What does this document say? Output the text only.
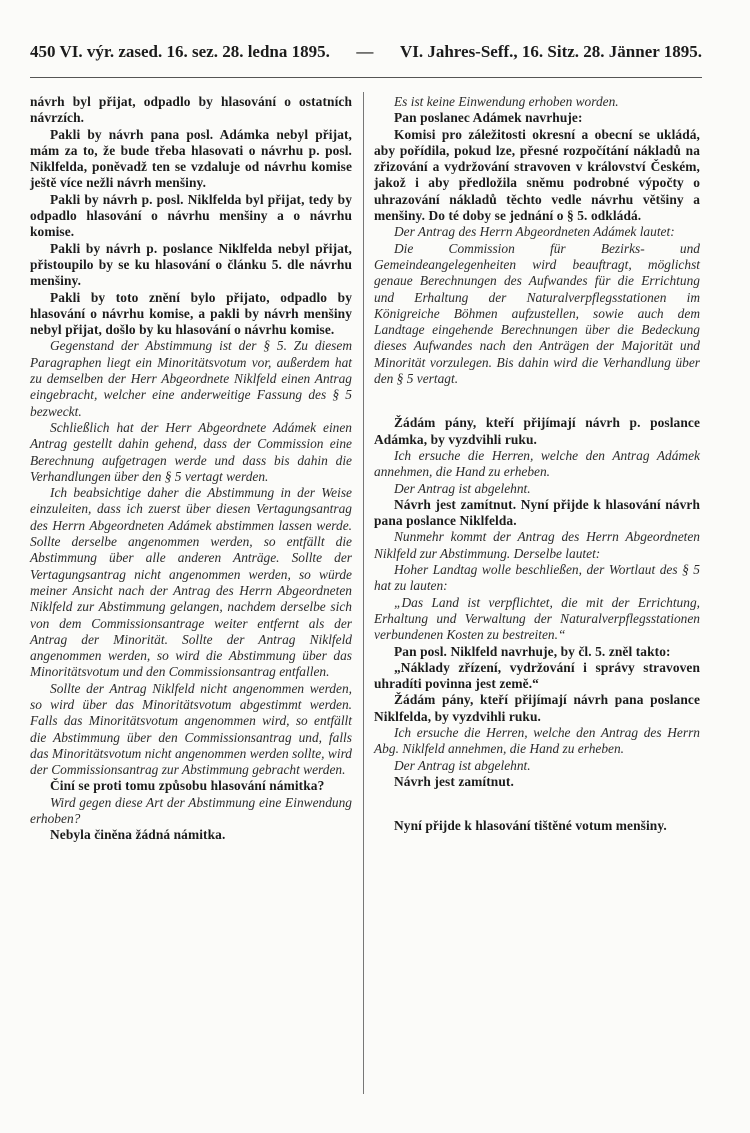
450 VI. výr. zased. 16. sez. 28. ledna 1895. — VI. Jahres-Seff., 16. Sitz. 28. Jänner 1895.

návrh byl přijat, odpadlo by hlasování o ostatních návrzích.

Pakli by návrh pana posl. Adámka nebyl přijat, mám za to, že bude třeba hlasovati o návrhu p. posl. Niklfelda, poněvadž ten se vzdaluje od návrhu komise ještě více nežli návrh menšiny.

Pakli by návrh p. posl. Niklfelda byl přijat, tedy by odpadlo hlasování o návrhu menšiny a o návrhu komise.

Pakli by návrh p. poslance Niklfelda nebyl přijat, přistoupilo by se ku hlasování o článku 5. dle návrhu menšiny.

Pakli by toto znění bylo přijato, odpadlo by hlasování o návrhu komise, a pakli by návrh menšiny nebyl přijat, došlo by ku hlasování o návrhu komise.

Gegenstand der Abstimmung ist der § 5. Zu diesem Paragraphen liegt ein Minoritätsvotum vor, außerdem hat zu demselben der Herr Abgeordnete Niklfeld einen Antrag eingebracht, welcher eine anderweitige Fassung des § 5 bezweckt.

Schließlich hat der Herr Abgeordnete Adámek einen Antrag gestellt dahin gehend, dass der Commission eine Berechnung aufgetragen werde und dass bis dahin die Verhandlungen über den § 5 vertagt werden.

Ich beabsichtige daher die Abstimmung in der Weise einzuleiten, dass ich zuerst über diesen Vertagungsantrag des Herrn Abgeordneten Adámek abstimmen lassen werde. Sollte derselbe angenommen werden, so entfällt die Abstimmung über alle anderen Anträge. Sollte der Vertagungsantrag nicht angenommen werden, so würde meiner Ansicht nach der Antrag des Herrn Abgeordneten Niklfeld zur Abstimmung gelangen, nachdem derselbe sich von dem Commissionsantrage weiter entfernt als der Antrag der Minorität. Sollte der Antrag Niklfeld angenommen werden, so wird die Abstimmung über das Minoritätsvotum und den Commissionsantrag entfallen.

Sollte der Antrag Niklfeld nicht angenommen werden, so wird über das Minoritätsvotum abgestimmt werden. Falls das Minoritätsvotum angenommen wird, so entfällt die Abstimmung über den Commissionsantrag und, falls das Minoritätsvotum nicht angenommen werden sollte, wird der Commissionsantrag zur Abstimmung gebracht werden.

Činí se proti tomu způsobu hlasování námitka?

Wird gegen diese Art der Abstimmung eine Einwendung erhoben?

Nebyla činěna žádná námitka.

Es ist keine Einwendung erhoben worden.

Pan poslanec Adámek navrhuje:

Komisi pro záležitosti okresní a obecní se ukládá, aby pořídila, pokud lze, přesné rozpočítání nákladů na zřizování a vydržování stravoven v království Českém, jakož i aby předložila sněmu podrobné výpočty o uhrazování nákladů těchto vedle návrhu většiny a menšiny. Do té doby se jednání o § 5. odkládá.

Der Antrag des Herrn Abgeordneten Adámek lautet:

Die Commission für Bezirks- und Gemeindeangelegenheiten wird beauftragt, möglichst genaue Berechnungen des Aufwandes für die Errichtung und Erhaltung der Naturalverpflegsstationen im Königreiche Böhmen aufzustellen, sowie auch dem Landtage eingehende Berechnungen über die Bedeckung dieses Aufwandes nach den Anträgen der Majorität und Minorität vorzulegen. Bis dahin wird die Verhandlung über den § 5 vertagt.

Žádám pány, kteří přijímají návrh p. poslance Adámka, by vyzdvihli ruku.

Ich ersuche die Herren, welche den Antrag Adámek annehmen, die Hand zu erheben.

Der Antrag ist abgelehnt.

Návrh jest zamítnut. Nyní přijde k hlasování návrh pana poslance Niklfelda.

Nunmehr kommt der Antrag des Herrn Abgeordneten Niklfeld zur Abstimmung. Derselbe lautet:

Hoher Landtag wolle beschließen, der Wortlaut des § 5 hat zu lauten:

„Das Land ist verpflichtet, die mit der Errichtung, Erhaltung und Verwaltung der Naturalverpflegsstationen verbundenen Kosten zu bestreiten.“

Pan posl. Niklfeld navrhuje, by čl. 5. zněl takto:

„Náklady zřízení, vydržování i správy stravoven uhradíti povinna jest země.“

Žádám pány, kteří přijímají návrh pana poslance Niklfelda, by vyzdvihli ruku.

Ich ersuche die Herren, welche den Antrag des Herrn Abg. Niklfeld annehmen, die Hand zu erheben.

Der Antrag ist abgelehnt.

Návrh jest zamítnut.

Nyní přijde k hlasování tištěné votum menšiny.
